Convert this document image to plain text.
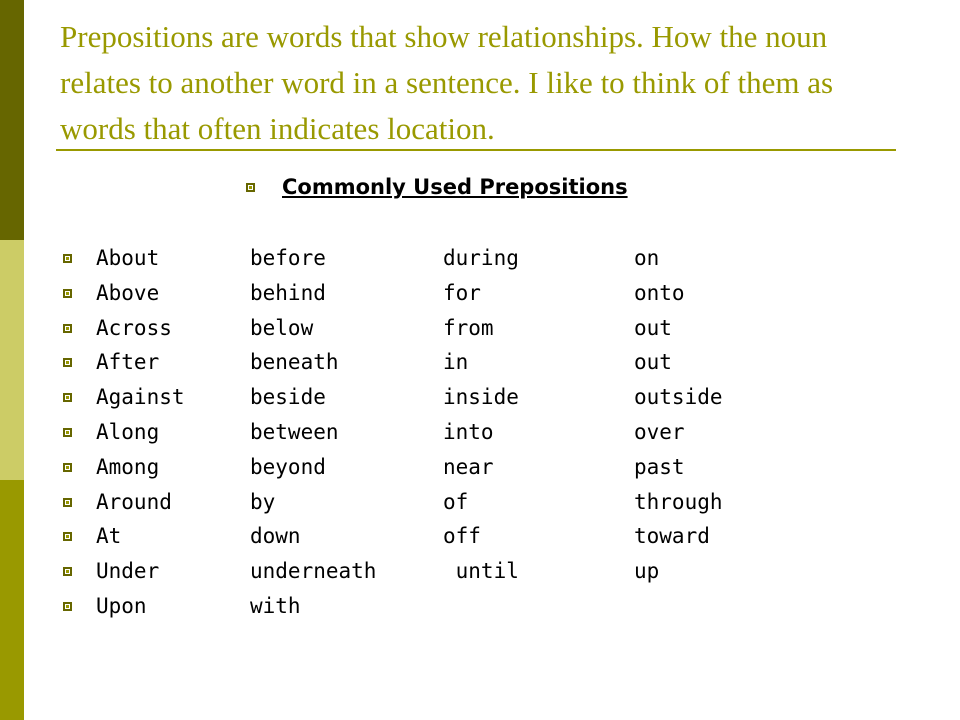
Prepositions are words that show relationships. How the noun relates to another word in a sentence. I like to think of them as words that often indicates location.
Commonly Used Prepositions
About	before	during	on
Above	behind	for	onto
Across	below	from	out
After	beneath	in	out
Against	beside	inside	outside
Along	between	into	over
Among	beyond	near	past
Around	by	of	through
At	down	off	toward
Under	underneath	until	up
Upon	with
